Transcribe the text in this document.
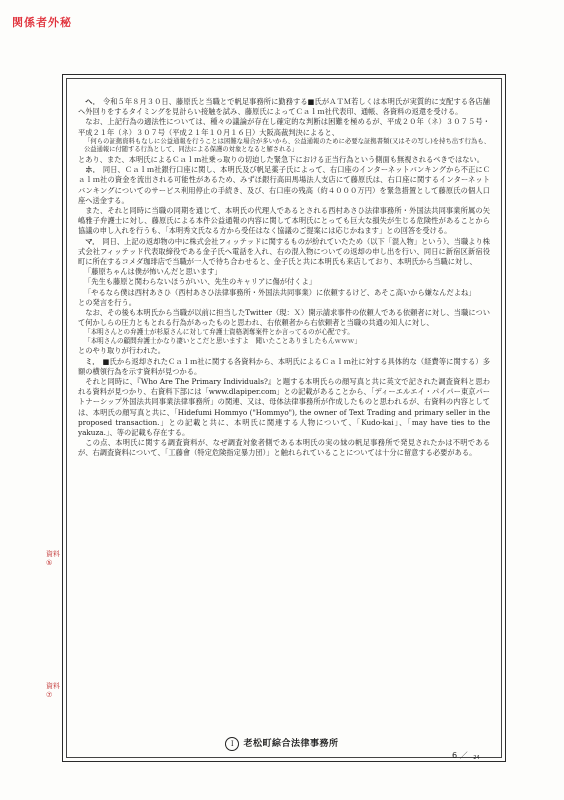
関係者外秘

へ． 令和５年８月３０日、藤原氏と当職とで帆足事務所に勤務する■氏がＡＴＭ若しくは本明氏が実質的に支配する各店舗へ外回りをするタイミングを見計らい接触を試み、藤原氏によってＣａｌｍ社代表印、通帳、各資料の返還を受ける。

なお、上記行為の適法性については、種々の議論が存在し確定的な判断は困難を極めるが、平成２０年（ネ）３０７５号・平成２１年（ネ）３０７号（平成２１年１０月１６日）大阪高裁判決によると、

「何らの証拠資料もなしに公益通報を行うことは困難な場合が多いから、公益通報のために必要な証拠書類(又はその写し)を持ち出す行為も、公益通報に付随する行為として、同法による保護の対象となると解される」

とあり、また、本明氏によるＣａｌｍ社乗っ取りの切迫した緊急下における正当行為という側面も無視されるべきではない。

ホ． 同日、Ｃａｌｍ社銀行口座に関し、本明氏及び帆足薬子氏によって、右口座のインターネットバンキングから不正にＣａｌｍ社の資金を流出される可能性があるため、みずほ銀行高田馬場法人支店にて藤原氏は、右口座に関するインターネットバンキングについてのサービス利用停止の手続き、及び、右口座の残高（約４０００万円）を緊急措置として藤原氏の個人口座へ送金する。

また、それと同時に当職の同期を通じて、本明氏の代理人であるとされる西村あさひ法律事務所・外国法共同事業所属の矢嶋雅子弁護士に対し、藤原氏による本件公益通報の内容に関して本明氏にとっても巨大な損失が生じる危険性があることから協議の申し入れを行うも、「本明秀文氏なる方から受任はなく協議のご提案には応じかねます」との回答を受ける。

マ． 同日、上記の返却物の中に株式会社フィッテッドに関するものが紛れていたため（以下「混入物」という）、当職より株式会社フィッテッド代表取締役である金子氏へ電話を入れ、右の混入物についての返却の申し出を行い、同日に新宿区新宿役町に所在するコメダ珈琲店で当職が一人で待ち合わせると、金子氏と共に本明氏も来店しており、本明氏から当職に対し、

「藤原ちゃんは僕が怖いんだと思います」

「先生も藤原と関わらないほうがいい、先生のキャリアに傷が付くよ」

「やるなら僕は西村あさひ（西村あさひ法律事務所・外国法共同事業）に依頼するけど、あそこ高いから嫌なんだよね」

との発言を行う。

なお、その後も本明氏から当職が以前に担当したTwitter（現：Ｘ）開示請求事件の依頼人である依頼者に対し、当職について何かしらの圧力ともとれる行為があったものと思われ、右依頼者から右依頼者と当職の共通の知人に対し、

「本明さんとの弁護士が杉原さんに対して弁護士資格剥奪案件とか言ってるのが心配です。

「本明さんの顧問弁護士かなり凄いとこだと思いますよ　聞いたことありましたもんｗｗｗ」

とのやり取りが行われた。

ミ． ■氏から返却されたＣａｌｍ社に関する各資料から、本明氏によるＣａｌｍ社に対する具体的な（経費等に関する）多額の横領行為を示す資料が見つかる。

それと同時に、『Who Are The Primary Individuals?』と題する本明氏らの顔写真と共に英文で記された調査資料と思われる資料が見つかり、右資料下部には「www.dlapiper.com」との記載があることから、「ディーエルエイ・パイパー東京パートナーシップ外国法共同事業法律事務所」の関連、又は、母体法律事務所が作成したものと思われるが、右資料の内容としては、本明氏の顔写真と共に、「Hidefumi Hommyo ("Hommyo"), the owner of Text Trading and primary seller in the proposed transaction.」との記載と共に、本明氏に関連する人物について、「Kudo-kai」、「may have ties to the yakuza.」、等の記載も存在する。

この点、本明氏に関する調査資料が、なぜ調査対象者側である本明氏の実の妹の帆足事務所で発見されたかは不明であるが、右調査資料について、「工藤會（特定危険指定暴力団）」と触れられていることについては十分に留意する必要がある。

資料
⑤
資料
⑦
Ⅰ 老松町綜合法律事務所
6 ／ 24
